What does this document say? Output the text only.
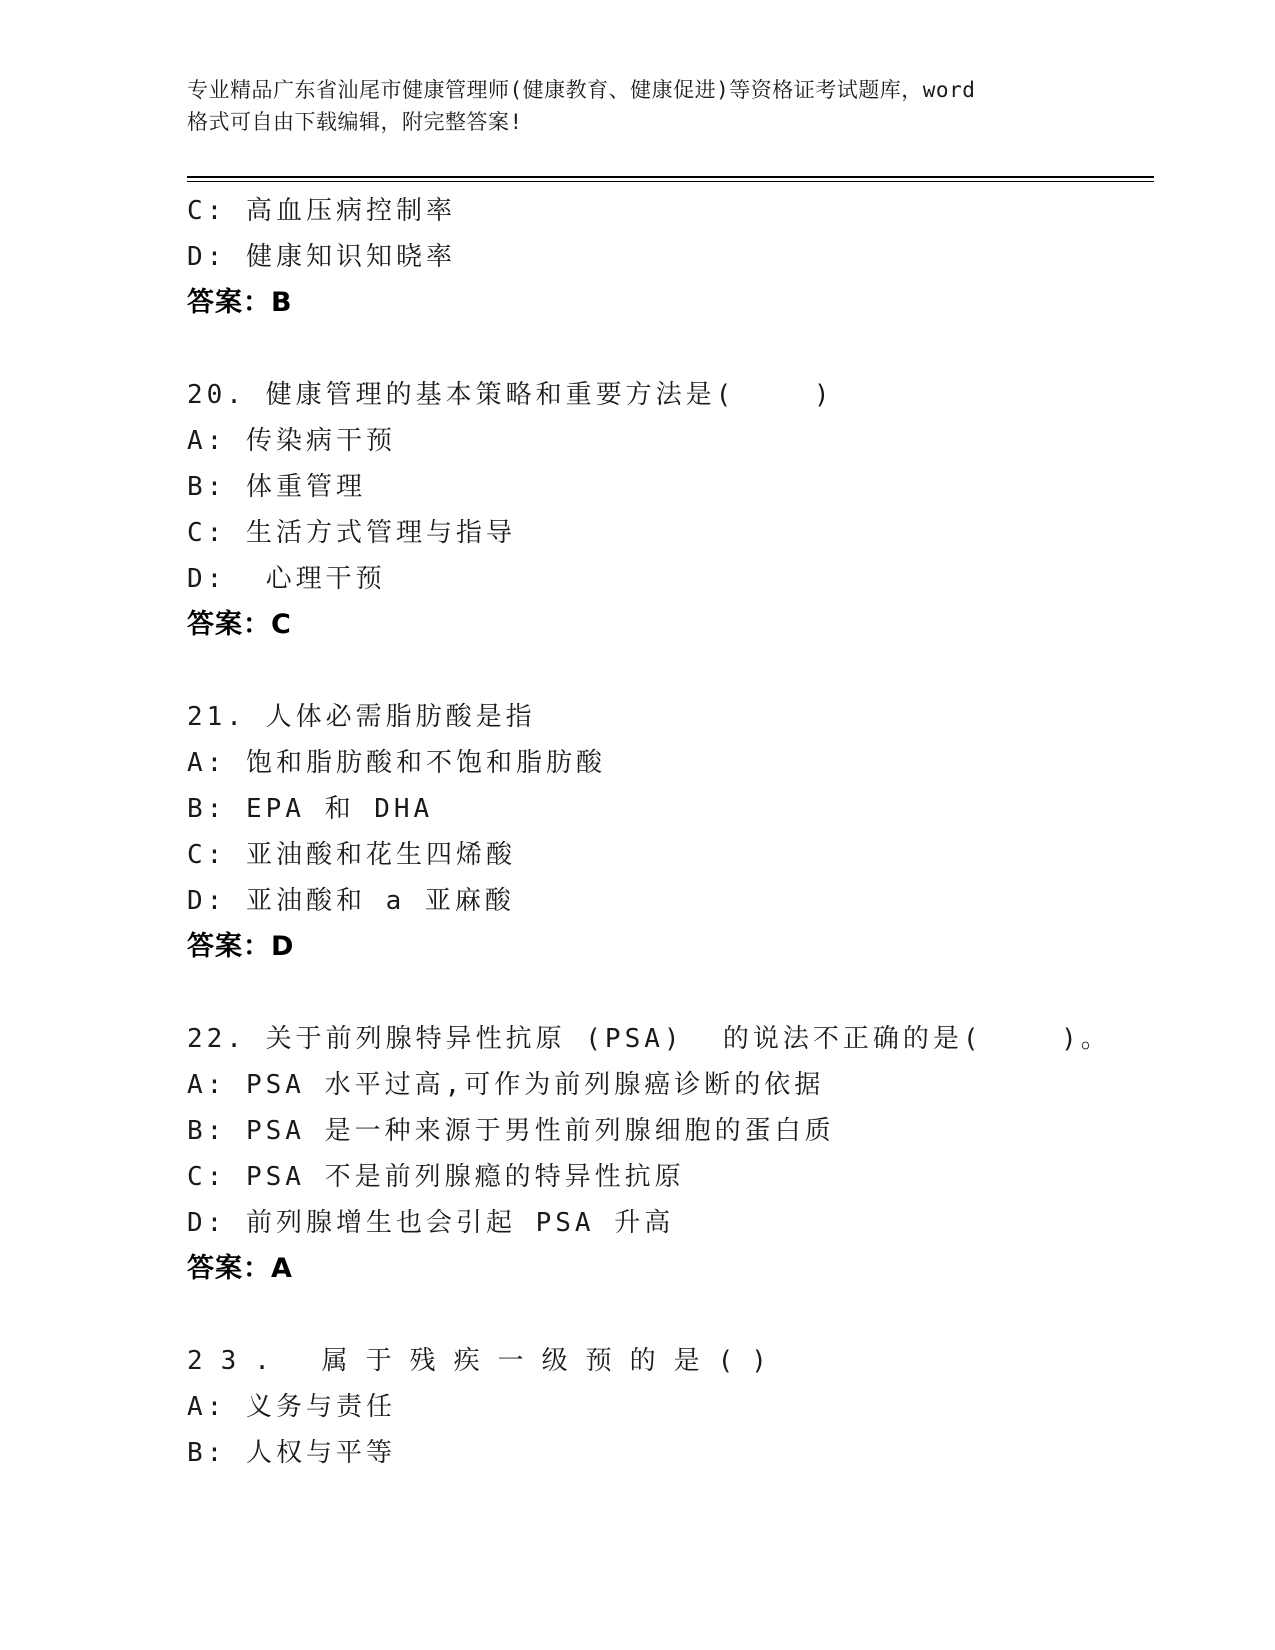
专业精品广东省汕尾市健康管理师(健康教育、健康促进)等资格证考试题库，word
格式可自由下载编辑，附完整答案!
C: 高血压病控制率
D: 健康知识知晓率
答案：B
20. 健康管理的基本策略和重要方法是(    )
A: 传染病干预
B: 体重管理
C: 生活方式管理与指导
D:  心理干预
答案：C
21. 人体必需脂肪酸是指
A: 饱和脂肪酸和不饱和脂肪酸
B: EPA 和 DHA
C: 亚油酸和花生四烯酸
D: 亚油酸和 a 亚麻酸
答案：D
22. 关于前列腺特异性抗原 (PSA)  的说法不正确的是(    )。
A: PSA 水平过高,可作为前列腺癌诊断的依据
B: PSA 是一种来源于男性前列腺细胞的蛋白质
C: PSA 不是前列腺瘾的特异性抗原
D: 前列腺增生也会引起 PSA 升高
答案：A
23. 属于残疾一级预的是()
A: 义务与责任
B: 人权与平等
